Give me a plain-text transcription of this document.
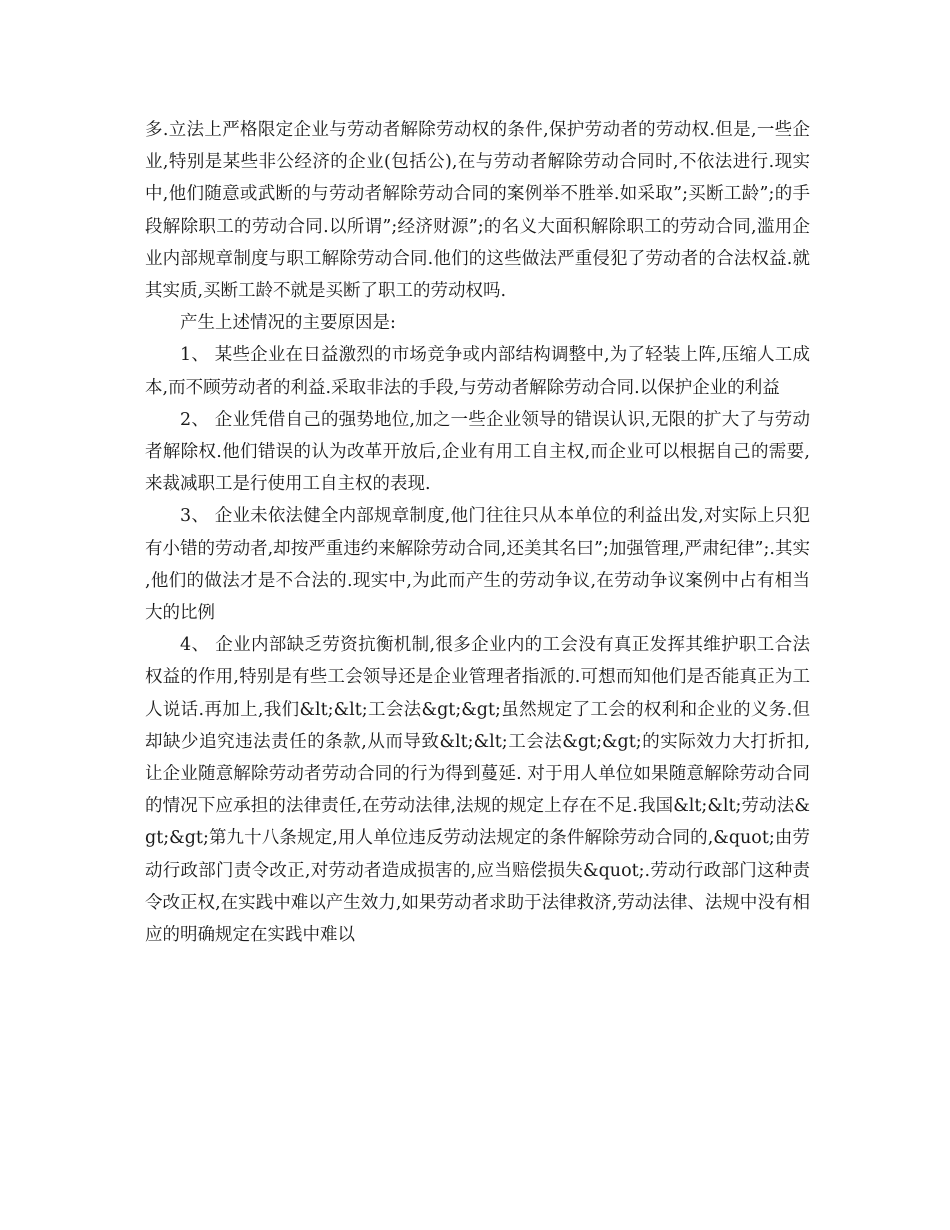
多.立法上严格限定企业与劳动者解除劳动权的条件,保护劳动者的劳动权.但是,一些企业,特别是某些非公经济的企业(包括公),在与劳动者解除劳动合同时,不依法进行.现实中,他们随意或武断的与劳动者解除劳动合同的案例举不胜举.如采取”;买断工龄”;的手段解除职工的劳动合同.以所谓”;经济财源”;的名义大面积解除职工的劳动合同,滥用企业内部规章制度与职工解除劳动合同.他们的这些做法严重侵犯了劳动者的合法权益.就其实质,买断工龄不就是买断了职工的劳动权吗.

产生上述情况的主要原因是:

1、 某些企业在日益激烈的市场竞争或内部结构调整中,为了轻装上阵,压缩人工成本,而不顾劳动者的利益.采取非法的手段,与劳动者解除劳动合同.以保护企业的利益

2、 企业凭借自己的强势地位,加之一些企业领导的错误认识,无限的扩大了与劳动者解除权.他们错误的认为改革开放后,企业有用工自主权,而企业可以根据自己的需要,来裁减职工是行使用工自主权的表现.

3、 企业未依法健全内部规章制度,他门往往只从本单位的利益出发,对实际上只犯有小错的劳动者,却按严重违约来解除劳动合同,还美其名曰”;加强管理,严肃纪律”;.其实,他们的做法才是不合法的.现实中,为此而产生的劳动争议,在劳动争议案例中占有相当大的比例

4、 企业内部缺乏劳资抗衡机制,很多企业内的工会没有真正发挥其维护职工合法权益的作用,特别是有些工会领导还是企业管理者指派的.可想而知他们是否能真正为工人说话.再加上,我们&lt;&lt;工会法&gt;&gt;虽然规定了工会的权利和企业的义务.但却缺少追究违法责任的条款,从而导致&lt;&lt;工会法&gt;&gt;的实际效力大打折扣,让企业随意解除劳动者劳动合同的行为得到蔓延. 对于用人单位如果随意解除劳动合同的情况下应承担的法律责任,在劳动法律,法规的规定上存在不足.我国&lt;&lt;劳动法&gt;&gt;第九十八条规定,用人单位违反劳动法规定的条件解除劳动合同的,&quot;由劳动行政部门责令改正,对劳动者造成损害的,应当赔偿损失&quot;.劳动行政部门这种责令改正权,在实践中难以产生效力,如果劳动者求助于法律救济,劳动法律、法规中没有相应的明确规定在实践中难以
